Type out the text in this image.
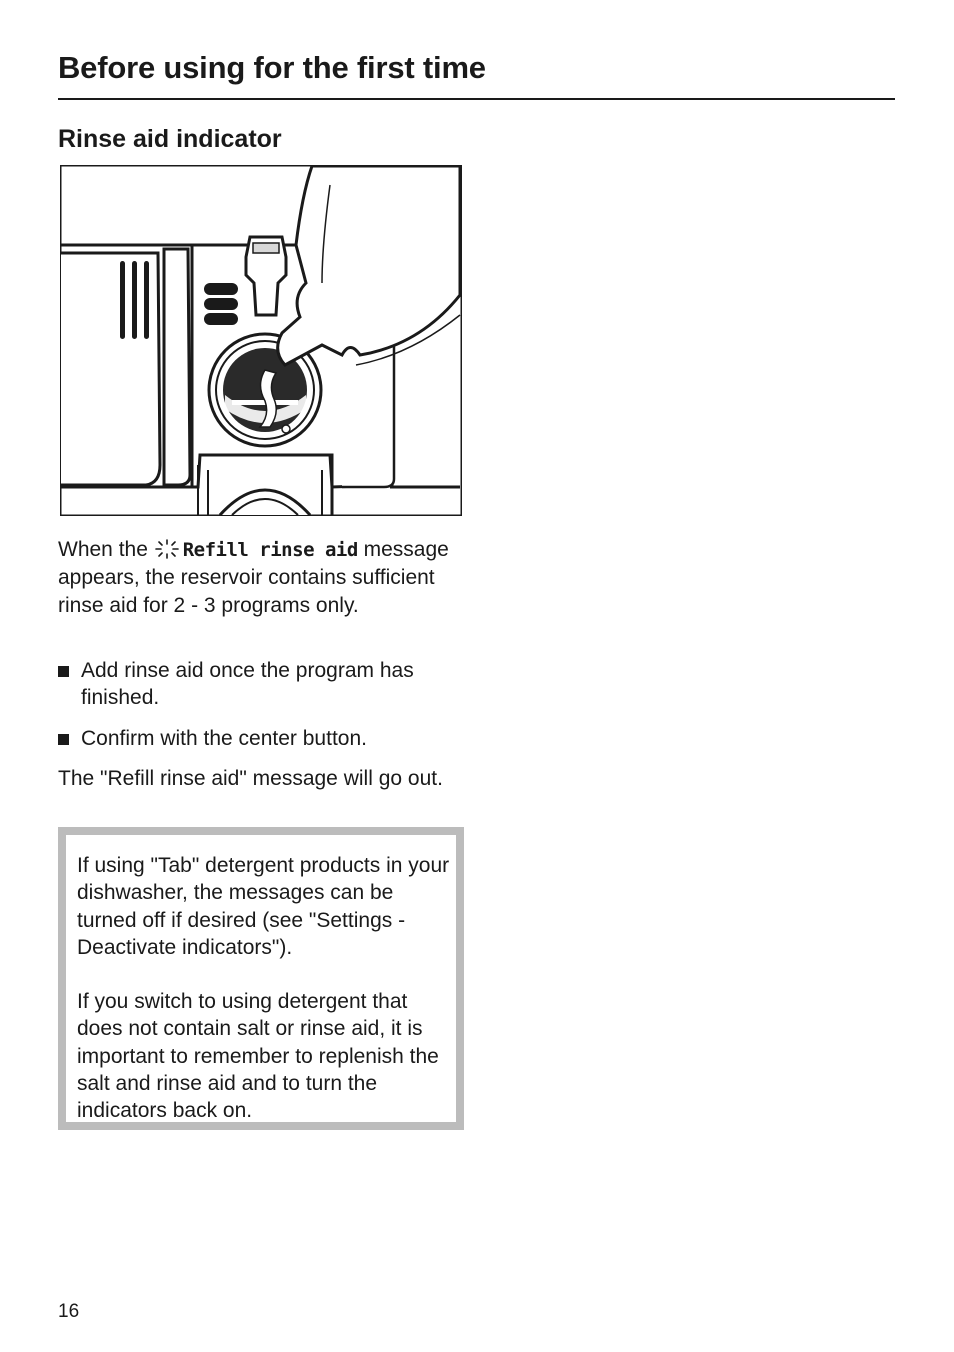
Before using for the first time
Rinse aid indicator
When the Refill rinse aid message appears, the reservoir contains sufficient rinse aid for 2 - 3 programs only.
Add rinse aid once the program has finished.
Confirm with the center button.
The "Refill rinse aid" message will go out.

If using "Tab" detergent products in your dishwasher, the messages can be turned off if desired (see "Settings - Deactivate indicators").

If you switch to using detergent that does not contain salt or rinse aid, it is important to remember to replenish the salt and rinse aid and to turn the indicators back on.

16
